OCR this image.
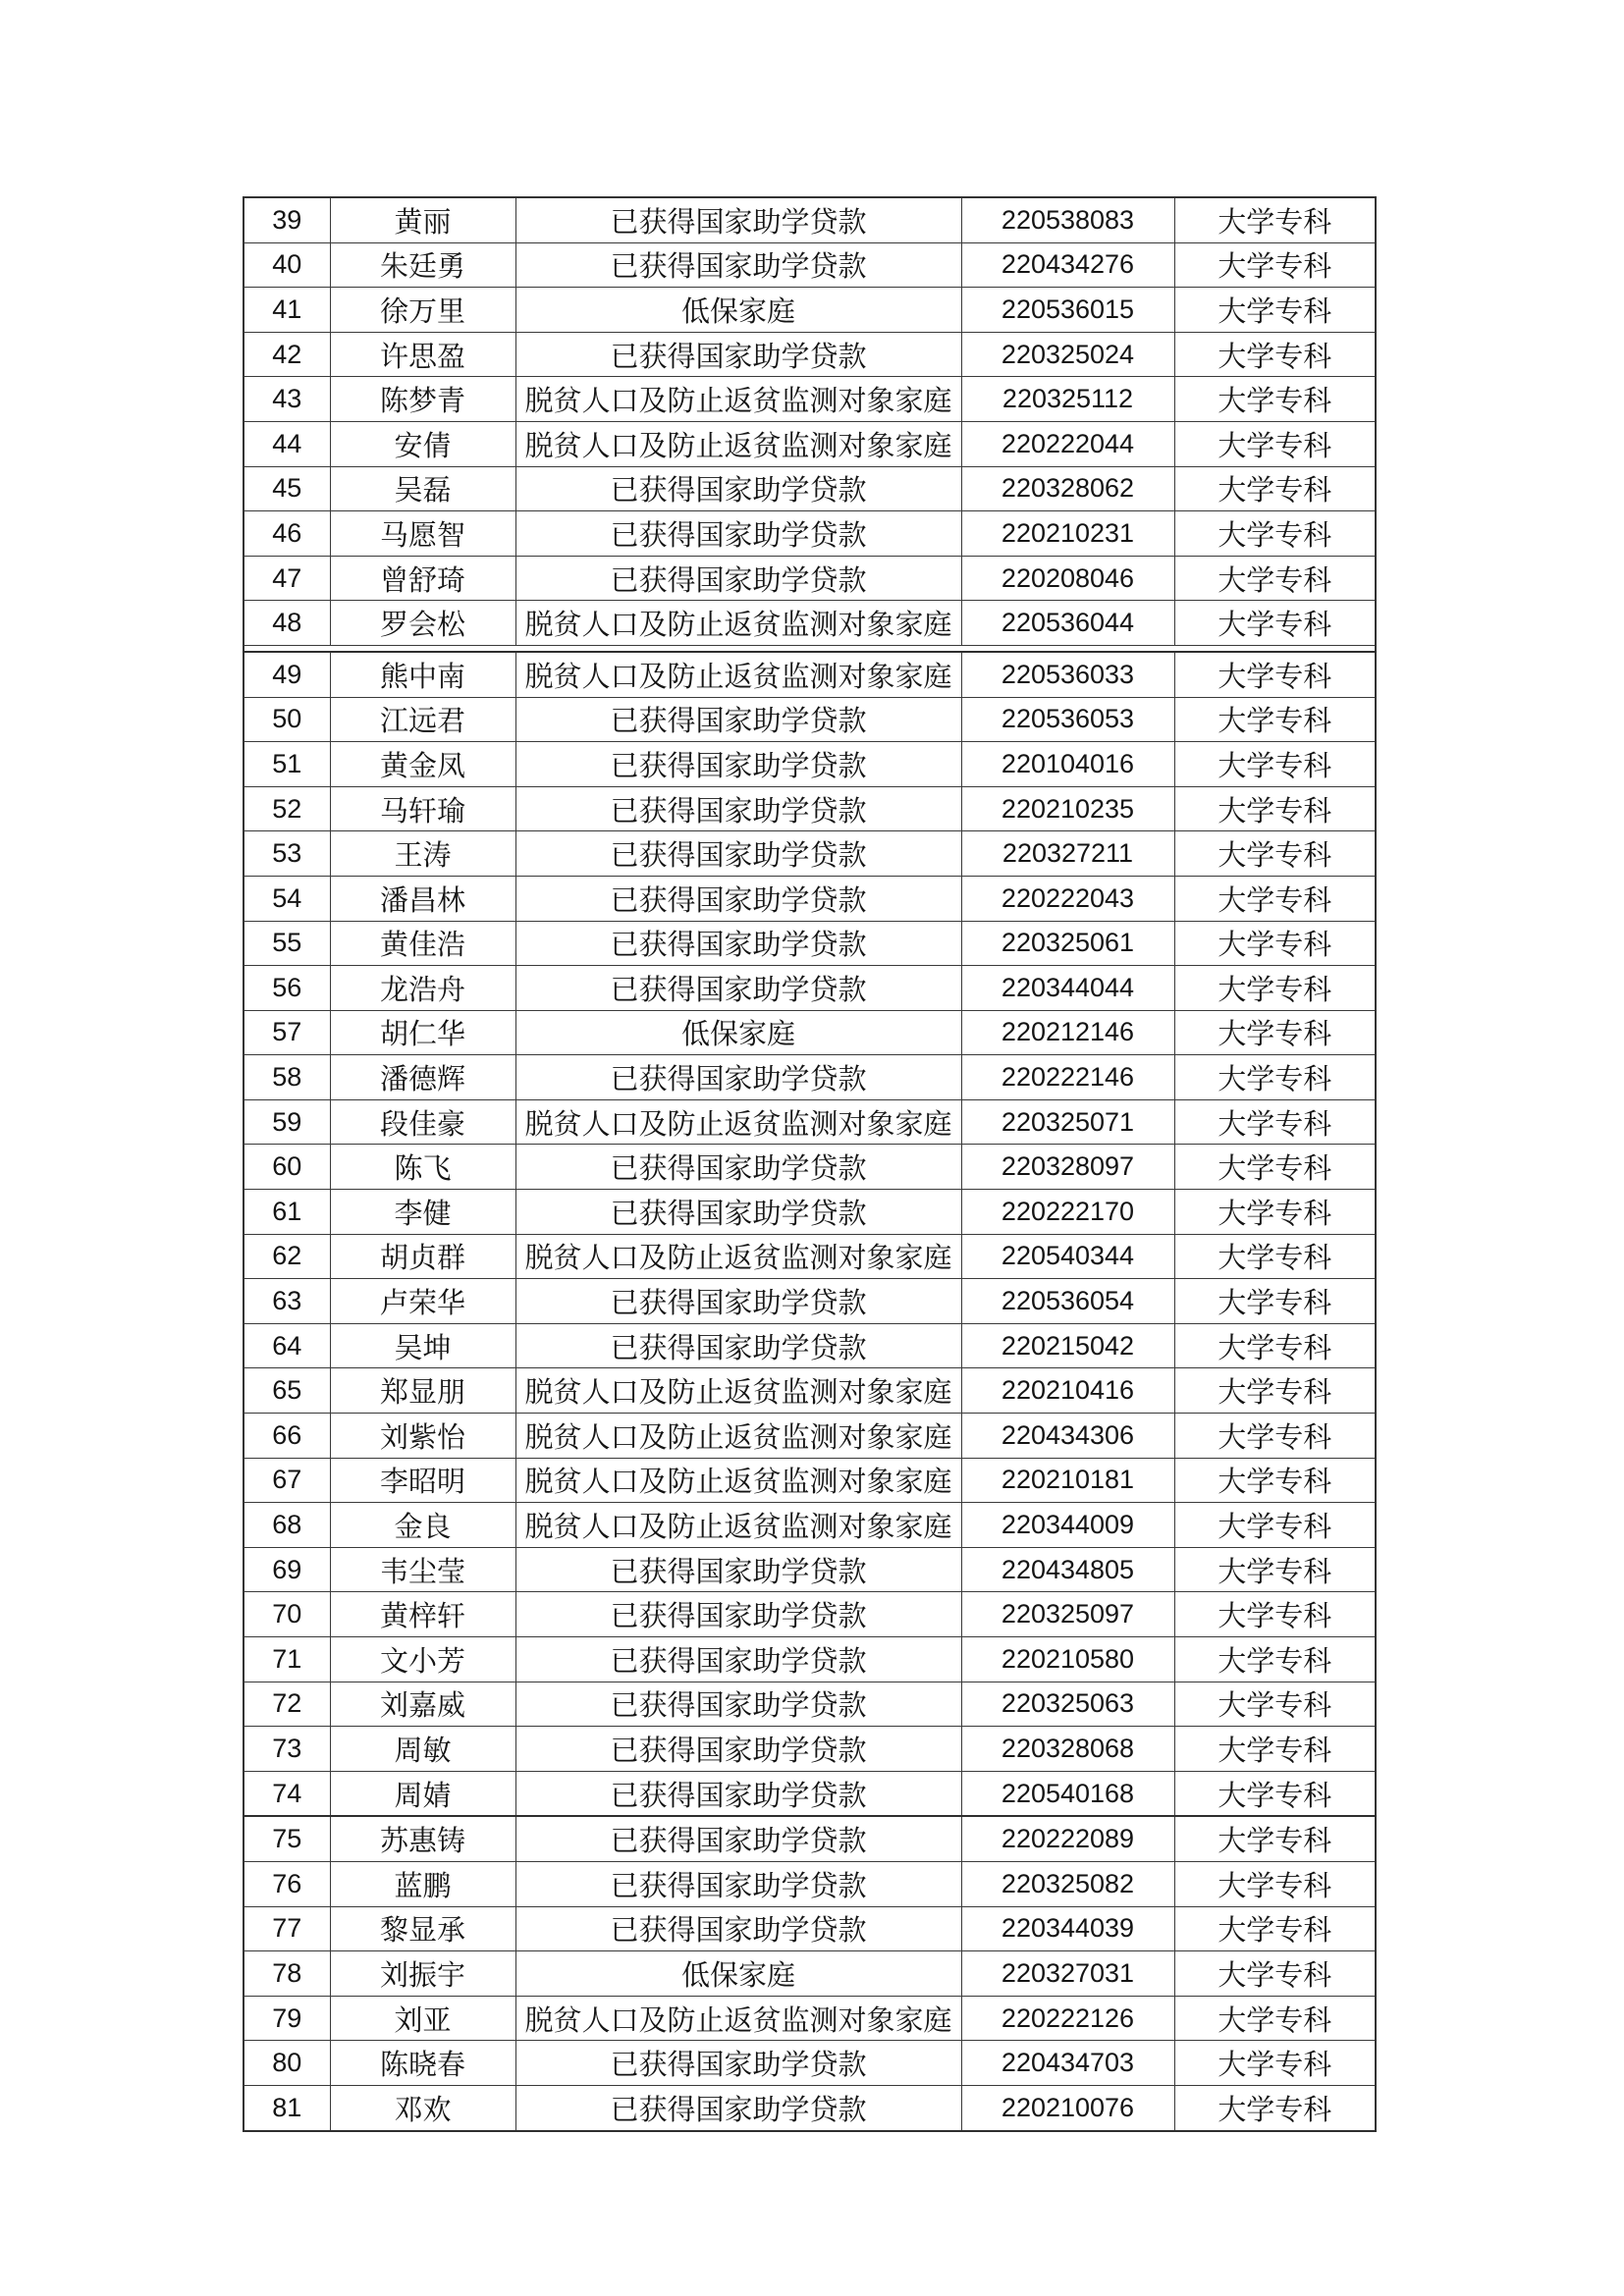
39	黄丽	已获得国家助学贷款	220538083	大学专科
40	朱廷勇	已获得国家助学贷款	220434276	大学专科
41	徐万里	低保家庭	220536015	大学专科
42	许思盈	已获得国家助学贷款	220325024	大学专科
43	陈梦青	脱贫人口及防止返贫监测对象家庭	220325112	大学专科
44	安倩	脱贫人口及防止返贫监测对象家庭	220222044	大学专科
45	吴磊	已获得国家助学贷款	220328062	大学专科
46	马愿智	已获得国家助学贷款	220210231	大学专科
47	曾舒琦	已获得国家助学贷款	220208046	大学专科
48	罗会松	脱贫人口及防止返贫监测对象家庭	220536044	大学专科

49	熊中南	脱贫人口及防止返贫监测对象家庭	220536033	大学专科
50	江远君	已获得国家助学贷款	220536053	大学专科
51	黄金凤	已获得国家助学贷款	220104016	大学专科
52	马轩瑜	已获得国家助学贷款	220210235	大学专科
53	王涛	已获得国家助学贷款	220327211	大学专科
54	潘昌林	已获得国家助学贷款	220222043	大学专科
55	黄佳浩	已获得国家助学贷款	220325061	大学专科
56	龙浩舟	已获得国家助学贷款	220344044	大学专科
57	胡仁华	低保家庭	220212146	大学专科
58	潘德辉	已获得国家助学贷款	220222146	大学专科
59	段佳豪	脱贫人口及防止返贫监测对象家庭	220325071	大学专科
60	陈飞	已获得国家助学贷款	220328097	大学专科
61	李健	已获得国家助学贷款	220222170	大学专科
62	胡贞群	脱贫人口及防止返贫监测对象家庭	220540344	大学专科
63	卢荣华	已获得国家助学贷款	220536054	大学专科
64	吴坤	已获得国家助学贷款	220215042	大学专科
65	郑显朋	脱贫人口及防止返贫监测对象家庭	220210416	大学专科
66	刘紫怡	脱贫人口及防止返贫监测对象家庭	220434306	大学专科
67	李昭明	脱贫人口及防止返贫监测对象家庭	220210181	大学专科
68	金良	脱贫人口及防止返贫监测对象家庭	220344009	大学专科
69	韦尘莹	已获得国家助学贷款	220434805	大学专科
70	黄梓轩	已获得国家助学贷款	220325097	大学专科
71	文小芳	已获得国家助学贷款	220210580	大学专科
72	刘嘉威	已获得国家助学贷款	220325063	大学专科
73	周敏	已获得国家助学贷款	220328068	大学专科
74	周婧	已获得国家助学贷款	220540168	大学专科
75	苏惠铸	已获得国家助学贷款	220222089	大学专科
76	蓝鹏	已获得国家助学贷款	220325082	大学专科
77	黎显承	已获得国家助学贷款	220344039	大学专科
78	刘振宇	低保家庭	220327031	大学专科
79	刘亚	脱贫人口及防止返贫监测对象家庭	220222126	大学专科
80	陈晓春	已获得国家助学贷款	220434703	大学专科
81	邓欢	已获得国家助学贷款	220210076	大学专科
